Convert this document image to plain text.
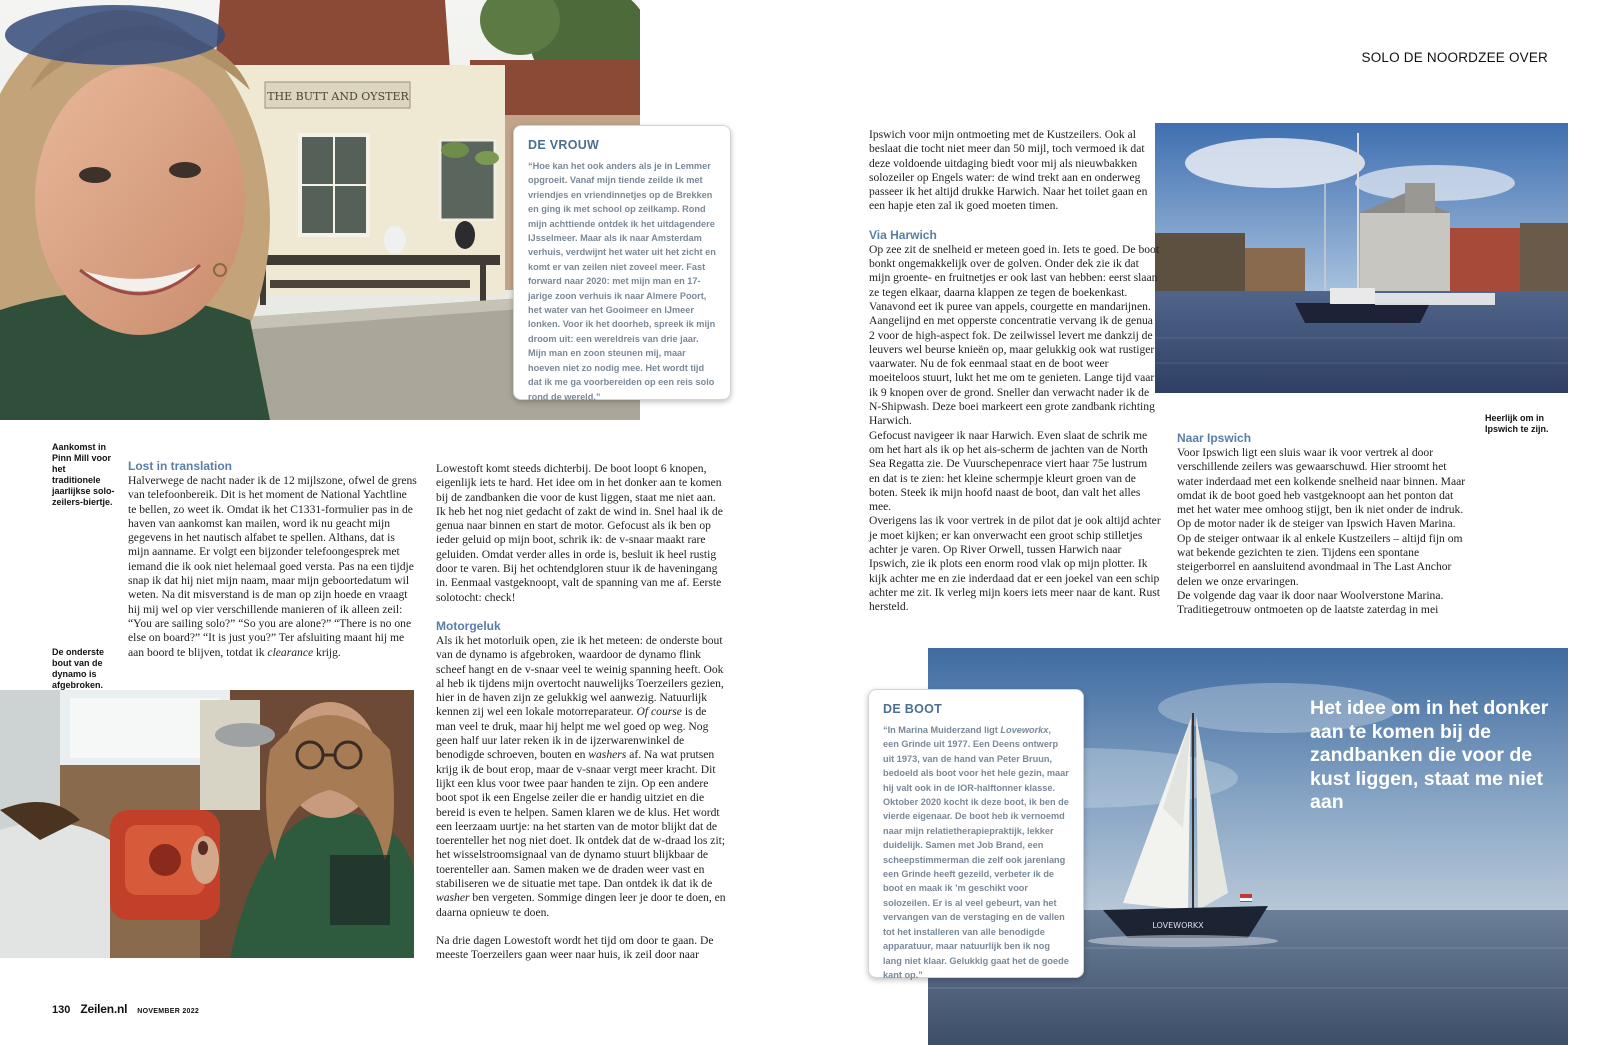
THE BUTT AND OYSTER
LOVEWORKX
DE VROUW

“Hoe kan het ook anders als je in Lemmer opgroeit. Vanaf mijn tiende zeilde ik met vriendjes en vriendinnetjes op de Brekken en ging ik met school op zeilkamp. Rond mijn achttiende ontdek ik het uitdagendere IJsselmeer. Maar als ik naar Amsterdam verhuis, verdwijnt het water uit het zicht en komt er van zeilen niet zoveel meer. Fast forward naar 2020: met mijn man en 17-jarige zoon verhuis ik naar Almere Poort, het water van het Gooimeer en IJmeer lonken. Voor ik het doorheb, spreek ik mijn droom uit: een wereldreis van drie jaar. Mijn man en zoon steunen mij, maar hoeven niet zo nodig mee. Het wordt tijd dat ik me ga voorbereiden op een reis solo rond de wereld.”

DE BOOT

“In Marina Muiderzand ligt Loveworkx, een Grinde uit 1977. Een Deens ontwerp uit 1973, van de hand van Peter Bruun, bedoeld als boot voor het hele gezin, maar hij valt ook in de IOR-halftonner klasse. Oktober 2020 kocht ik deze boot, ik ben de vierde eigenaar. De boot heb ik vernoemd naar mijn relatietherapiepraktijk, lekker duidelijk. Samen met Job Brand, een scheepstimmerman die zelf ook jarenlang een Grinde heeft gezeild, verbeter ik de boot en maak ik ’m geschikt voor solozeilen. Er is al veel gebeurt, van het vervangen van de verstaging en de vallen tot het installeren van alle benodigde apparatuur, maar natuurlijk ben ik nog lang niet klaar. Gelukkig gaat het de goede kant op.”

SOLO DE NOORDZEE OVER
Het idee om in het donker aan te komen bij de zandbanken die voor de kust liggen, staat me niet aan
Aankomst in Pinn Mill voor het traditionele jaarlijkse solo-zeilers-biertje.
De onderste bout van de dynamo is afgebroken.
Heerlijk om in Ipswich te zijn.
Lost in translation

Halverwege de nacht nader ik de 12 mijlszone, ofwel de grens van telefoonbereik. Dit is het moment de National Yachtline te bellen, zo weet ik. Omdat ik het C1331-formulier pas in de haven van aankomst kan mailen, word ik nu geacht mijn gegevens in het nautisch alfabet te spellen. Althans, dat is mijn aanname. Er volgt een bijzonder telefoongesprek met iemand die ik ook niet helemaal goed versta. Pas na een tijdje snap ik dat hij niet mijn naam, maar mijn geboortedatum wil weten. Na dit misverstand is de man op zijn hoede en vraagt hij mij wel op vier verschillende manieren of ik alleen zeil: “You are sailing solo?” “So you are alone?” “There is no one else on board?” “It is just you?” Ter afsluiting maant hij me aan boord te blijven, totdat ik clearance krijg.

Lowestoft komt steeds dichterbij. De boot loopt 6 knopen, eigenlijk iets te hard. Het idee om in het donker aan te komen bij de zandbanken die voor de kust liggen, staat me niet aan. Ik heb het nog niet gedacht of zakt de wind in. Snel haal ik de genua naar binnen en start de motor. Gefocust als ik ben op ieder geluid op mijn boot, schrik ik: de v-snaar maakt rare geluiden. Omdat verder alles in orde is, besluit ik heel rustig door te varen. Bij het ochtendgloren stuur ik de haveningang in. Eenmaal vastgeknoopt, valt de spanning van me af. Eerste solotocht: check!

Motorgeluk

Als ik het motorluik open, zie ik het meteen: de onderste bout van de dynamo is afgebroken, waardoor de dynamo flink scheef hangt en de v-snaar veel te weinig spanning heeft. Ook al heb ik tijdens mijn overtocht nauwelijks Toerzeilers gezien, hier in de haven zijn ze gelukkig wel aanwezig. Natuurlijk kennen zij wel een lokale motorreparateur. Of course is de man veel te druk, maar hij helpt me wel goed op weg. Nog geen half uur later reken ik in de ijzerwarenwinkel de benodigde schroeven, bouten en washers af. Na wat prutsen krijg ik de bout erop, maar de v-snaar vergt meer kracht. Dit lijkt een klus voor twee paar handen te zijn. Op een andere boot spot ik een Engelse zeiler die er handig uitziet en die bereid is even te helpen. Samen klaren we de klus. Het wordt een leerzaam uurtje: na het starten van de motor blijkt dat de toerenteller het nog niet doet. Ik ontdek dat de w-draad los zit; het wisselstroomsignaal van de dynamo stuurt blijkbaar de toerenteller aan. Samen maken we de draden weer vast en stabiliseren we de situatie met tape. Dan ontdek ik dat ik de washer ben vergeten. Sommige dingen leer je door te doen, en daarna opnieuw te doen.

Na drie dagen Lowestoft wordt het tijd om door te gaan. De meeste Toerzeilers gaan weer naar huis, ik zeil door naar

Ipswich voor mijn ontmoeting met de Kustzeilers. Ook al beslaat die tocht niet meer dan 50 mijl, toch vermoed ik dat deze voldoende uitdaging biedt voor mij als nieuwbakken solozeiler op Engels water: de wind trekt aan en onderweg passeer ik het altijd drukke Harwich. Naar het toilet gaan en een hapje eten zal ik goed moeten timen.

Via Harwich

Op zee zit de snelheid er meteen goed in. Iets te goed. De boot bonkt ongemakkelijk over de golven. Onder dek zie ik dat mijn groente- en fruitnetjes er ook last van hebben: eerst slaan ze tegen elkaar, daarna klappen ze tegen de boekenkast. Vanavond eet ik puree van appels, courgette en mandarijnen.

Aangelijnd en met opperste concentratie vervang ik de genua 2 voor de high-aspect fok. De zeilwissel levert me dankzij de leuvers wel beurse knieën op, maar gelukkig ook wat rustiger vaarwater. Nu de fok eenmaal staat en de boot weer moeiteloos stuurt, lukt het me om te genieten. Lange tijd vaar ik 9 knopen over de grond. Sneller dan verwacht nader ik de N-Shipwash. Deze boei markeert een grote zandbank richting Harwich.

Gefocust navigeer ik naar Harwich. Even slaat de schrik me om het hart als ik op het ais-scherm de jachten van de North Sea Regatta zie. De Vuurschepenrace viert haar 75e lustrum en dat is te zien: het kleine schermpje kleurt groen van de boten. Steek ik mijn hoofd naast de boot, dan valt het alles mee.

Overigens las ik voor vertrek in de pilot dat je ook altijd achter je moet kijken; er kan onverwacht een groot schip stilletjes achter je varen. Op River Orwell, tussen Harwich naar Ipswich, zie ik plots een enorm rood vlak op mijn plotter. Ik kijk achter me en zie inderdaad dat er een joekel van een schip achter me zit. Ik verleg mijn koers iets meer naar de kant. Rust hersteld.

Naar Ipswich

Voor Ipswich ligt een sluis waar ik voor vertrek al door verschillende zeilers was gewaarschuwd. Hier stroomt het water inderdaad met een kolkende snelheid naar binnen. Maar omdat ik de boot goed heb vastgeknoopt aan het ponton dat met het water mee omhoog stijgt, ben ik niet onder de indruk.

Op de motor nader ik de steiger van Ipswich Haven Marina. Op de steiger ontwaar ik al enkele Kustzeilers – altijd fijn om wat bekende gezichten te zien. Tijdens een spontane steigerborrel en aansluitend avondmaal in The Last Anchor delen we onze ervaringen.

De volgende dag vaar ik door naar Woolverstone Marina. Traditiegetrouw ontmoeten op de laatste zaterdag in mei

130 Zeilen.nl NOVEMBER 2022
